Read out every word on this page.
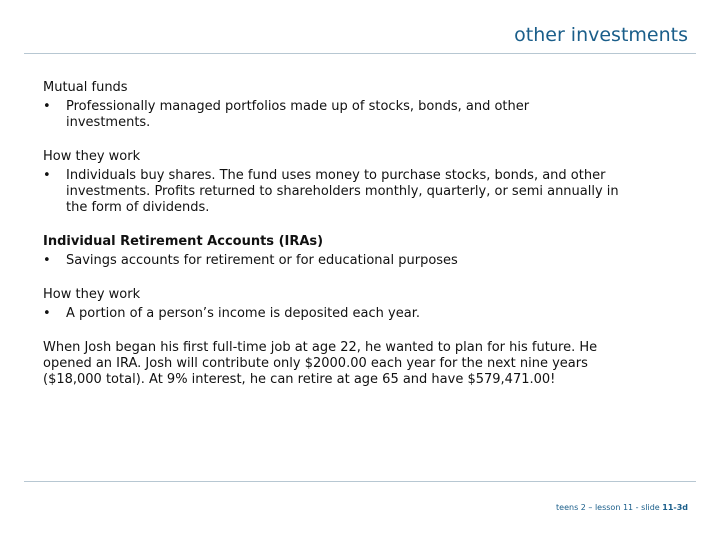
other investments
Mutual funds
• Professionally managed portfolios made up of stocks, bonds, and other investments.
How they work
• Individuals buy shares. The fund uses money to purchase stocks, bonds, and other investments. Profits returned to shareholders monthly, quarterly, or semi annually in the form of dividends.
Individual Retirement Accounts (IRAs)
• Savings accounts for retirement or for educational purposes
How they work
• A portion of a person’s income is deposited each year.
When Josh began his first full-time job at age 22, he wanted to plan for his future. He opened an IRA. Josh will contribute only $2000.00 each year for the next nine years ($18,000 total). At 9% interest, he can retire at age 65 and have $579,471.00!
teens 2 – lesson 11 - slide 11-3d
